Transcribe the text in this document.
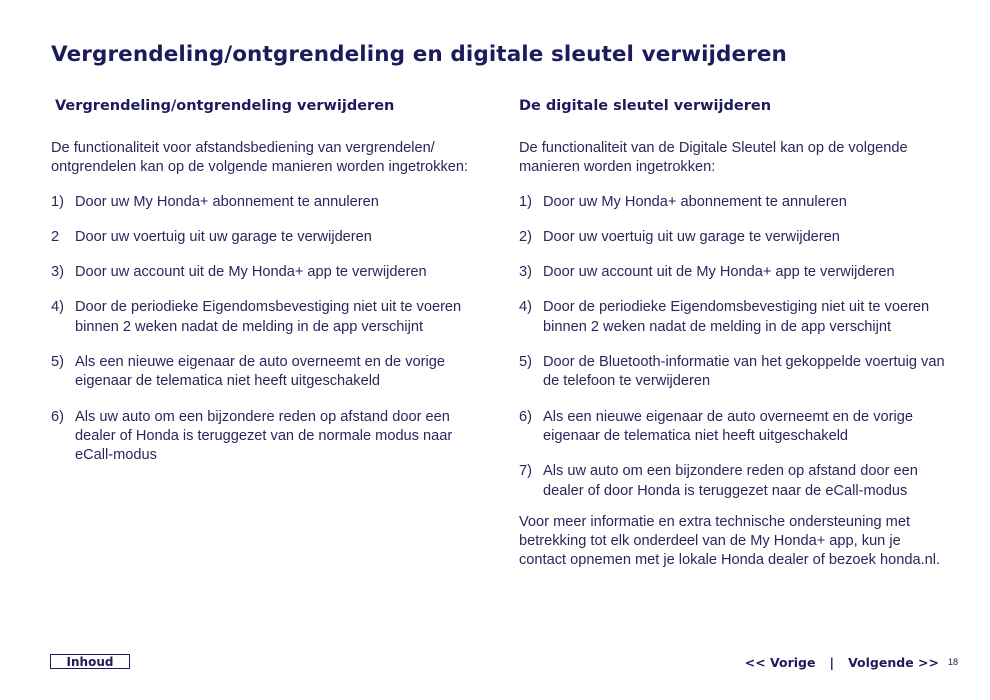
Vergrendeling/ontgrendeling en digitale sleutel verwijderen
Vergrendeling/ontgrendeling verwijderen

De functionaliteit voor afstandsbediening van vergrendelen/ ontgrendelen kan op de volgende manieren worden ingetrokken:

1) Door uw My Honda+ abonnement te annuleren
2 Door uw voertuig uit uw garage te verwijderen
3) Door uw account uit de My Honda+ app te verwijderen
4) Door de periodieke Eigendomsbevestiging niet uit te voeren binnen 2 weken nadat de melding in de app verschijnt
5) Als een nieuwe eigenaar de auto overneemt en de vorige eigenaar de telematica niet heeft uitgeschakeld
6) Als uw auto om een bijzondere reden op afstand door een dealer of Honda is teruggezet van de normale modus naar eCall-modus
De digitale sleutel verwijderen

De functionaliteit van de Digitale Sleutel kan op de volgende manieren worden ingetrokken:

1) Door uw My Honda+ abonnement te annuleren
2) Door uw voertuig uit uw garage te verwijderen
3) Door uw account uit de My Honda+ app te verwijderen
4) Door de periodieke Eigendomsbevestiging niet uit te voeren binnen 2 weken nadat de melding in de app verschijnt
5) Door de Bluetooth-informatie van het gekoppelde voertuig van de telefoon te verwijderen
6) Als een nieuwe eigenaar de auto overneemt en de vorige eigenaar de telematica niet heeft uitgeschakeld
7) Als uw auto om een bijzondere reden op afstand door een dealer of door Honda is teruggezet naar de eCall-modus

Voor meer informatie en extra technische ondersteuning met betrekking tot elk onderdeel van de My Honda+ app, kun je contact opnemen met je lokale Honda dealer of bezoek honda.nl.

Inhoud	<< Vorige | Volgende >> 18
